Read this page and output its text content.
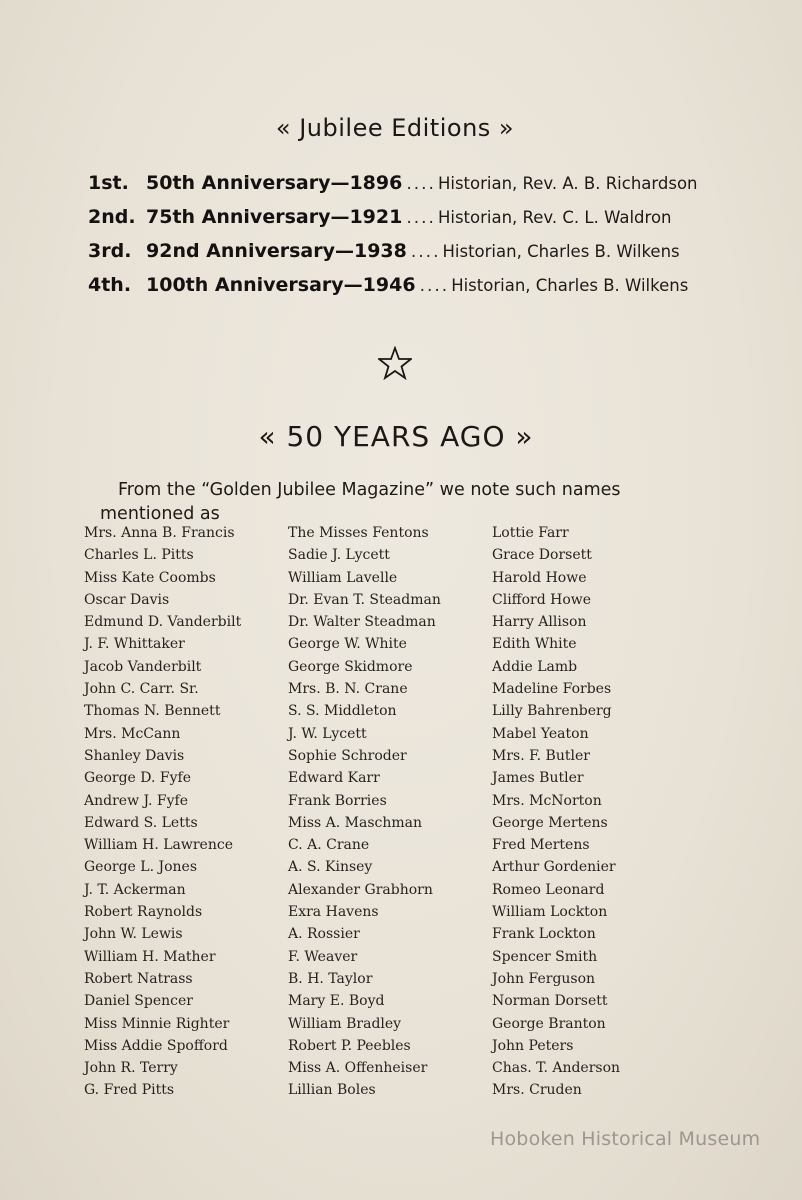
« Jubilee Editions »
1st. 50th Anniversary—1896 .... Historian, Rev. A. B. Richardson
2nd. 75th Anniversary—1921 .... Historian, Rev. C. L. Waldron
3rd. 92nd Anniversary—1938 .... Historian, Charles B. Wilkens
4th. 100th Anniversary—1946 .... Historian, Charles B. Wilkens
« 50 YEARS AGO »
From the “Golden Jubilee Magazine” we note such names mentioned as
Mrs. Anna B. Francis
Charles L. Pitts
Miss Kate Coombs
Oscar Davis
Edmund D. Vanderbilt
J. F. Whittaker
Jacob Vanderbilt
John C. Carr. Sr.
Thomas N. Bennett
Mrs. McCann
Shanley Davis
George D. Fyfe
Andrew J. Fyfe
Edward S. Letts
William H. Lawrence
George L. Jones
J. T. Ackerman
Robert Raynolds
John W. Lewis
William H. Mather
Robert Natrass
Daniel Spencer
Miss Minnie Righter
Miss Addie Spofford
John R. Terry
G. Fred Pitts
The Misses Fentons
Sadie J. Lycett
William Lavelle
Dr. Evan T. Steadman
Dr. Walter Steadman
George W. White
George Skidmore
Mrs. B. N. Crane
S. S. Middleton
J. W. Lycett
Sophie Schroder
Edward Karr
Frank Borries
Miss A. Maschman
C. A. Crane
A. S. Kinsey
Alexander Grabhorn
Exra Havens
A. Rossier
F. Weaver
B. H. Taylor
Mary E. Boyd
William Bradley
Robert P. Peebles
Miss A. Offenheiser
Lillian Boles
Lottie Farr
Grace Dorsett
Harold Howe
Clifford Howe
Harry Allison
Edith White
Addie Lamb
Madeline Forbes
Lilly Bahrenberg
Mabel Yeaton
Mrs. F. Butler
James Butler
Mrs. McNorton
George Mertens
Fred Mertens
Arthur Gordenier
Romeo Leonard
William Lockton
Frank Lockton
Spencer Smith
John Ferguson
Norman Dorsett
George Branton
John Peters
Chas. T. Anderson
Mrs. Cruden
Hoboken Historical Museum
